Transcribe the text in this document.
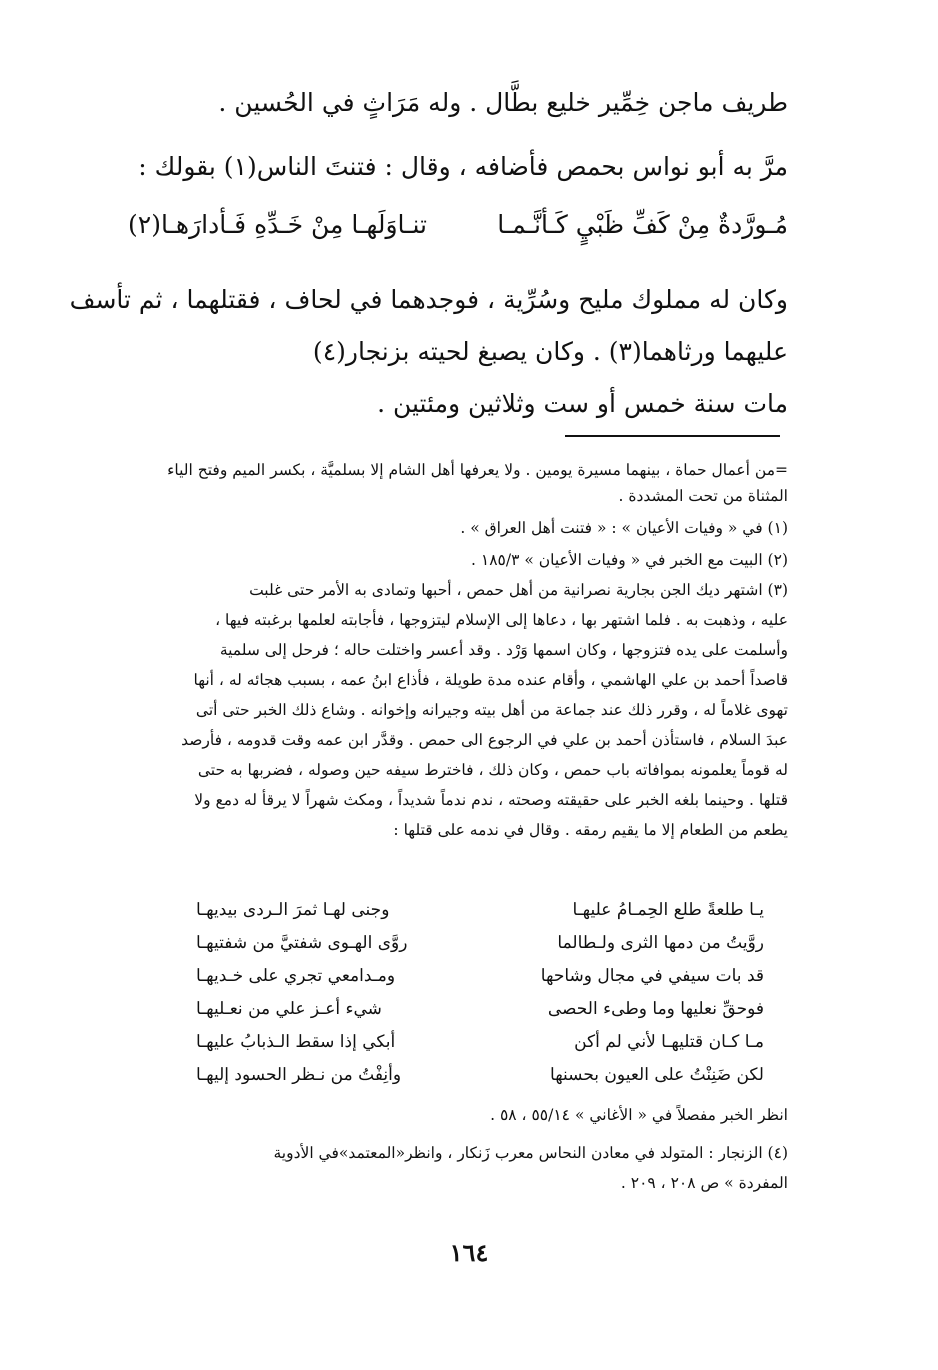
طريف ماجن خِمِّير خليع بطَّال . وله مَرَاثٍ في الحُسين .

مرَّ به أبو نواس بحمص فأضافه ، وقال : فتنتَ الناس(١) بقولك :

مُـورَّدةٌ مِنْ كَفِّ ظَبْيٍ كَـأنَّـمـا
تنـاوَلَهـا مِنْ خَـدِّهِ فَـأدارَهـا(٢)

وكان له مملوك مليح وسُرِّية ، فوجدهما في لحاف ، فقتلهما ، ثم تأسف

عليهما ورثاهما(٣) . وكان يصبغ لحيته بزنجار(٤)

مات سنة خمس أو ست وثلاثين ومئتين .

=من أعمال حماة ، بينهما مسيرة يومين . ولا يعرفها أهل الشام إلا بسلميَّة ، بكسر الميم وفتح الياء

المثناة من تحت المشددة .

(١) في « وفيات الأعيان » : « فتنت أهل العراق » .

(٢) البيت مع الخبر في « وفيات الأعيان » ١٨٥/٣ .

(٣) اشتهر ديك الجن بجارية نصرانية من أهل حمص ، أحبها وتمادى به الأمر حتى غلبت

عليه ، وذهبت به . فلما اشتهر بها ، دعاها إلى الإسلام ليتزوجها ، فأجابته لعلمها برغبته فيها ،

وأسلمت على يده فتزوجها ، وكان اسمها وَرْد . وقد أعسر واختلت حاله ؛ فرحل إلى سلمية

قاصداً أحمد بن علي الهاشمي ، وأقام عنده مدة طويلة ، فأذاع ابنُ عمه ، بسبب هجائه له ، أنها

تهوى غلاماً له ، وقرر ذلك عند جماعة من أهل بيته وجيرانه وإخوانه . وشاع ذلك الخبر حتى أتى

عبدَ السلام ، فاستأذن أحمد بن علي في الرجوع الى حمص . وقدَّر ابن عمه وقت قدومه ، فأرصد

له قوماً يعلمونه بموافاته باب حمص ، وكان ذلك ، فاخترط سيفه حين وصوله ، فضربها به حتى

قتلها . وحينما بلغه الخبر على حقيقته وصحته ، ندم ندماً شديداً ، ومكث شهراً لا يرقأ له دمع ولا

يطعم من الطعام إلا ما يقيم رمقه . وقال في ندمه على قتلها :

يـا طلعةً طلع الحِمـامُ عليهـا
وجنى لهـا ثمرَ الـردى بيديهـا
روَّيتُ من دمها الثرى ولـطالما
روَّى الهـوى شفتيَّ من شفتيهـا
قد بات سيفي في مجال وشاحها
ومـدامعي تجري على خـديهـا
فوحقِّ نعليها وما وطىء الحصى
شيء أعـز علي من نعـليهـا
مـا كـان قتليهـا لأني لم أكن
أبكي إذا سقط الـذبابُ عليهـا
لكن ضَنِنْتُ على العيون بحسنها
وأنِفْتُ من نـظر الحسود إليهـا

انظر الخبر مفصلاً في « الأغاني » ٥٥/١٤ ، ٥٨ .

(٤) الزنجار : المتولد في معادن النحاس معرب زَنكار ، وانظر«المعتمد»في الأدوية

المفردة » ص ٢٠٨ ، ٢٠٩ .

١٦٤
